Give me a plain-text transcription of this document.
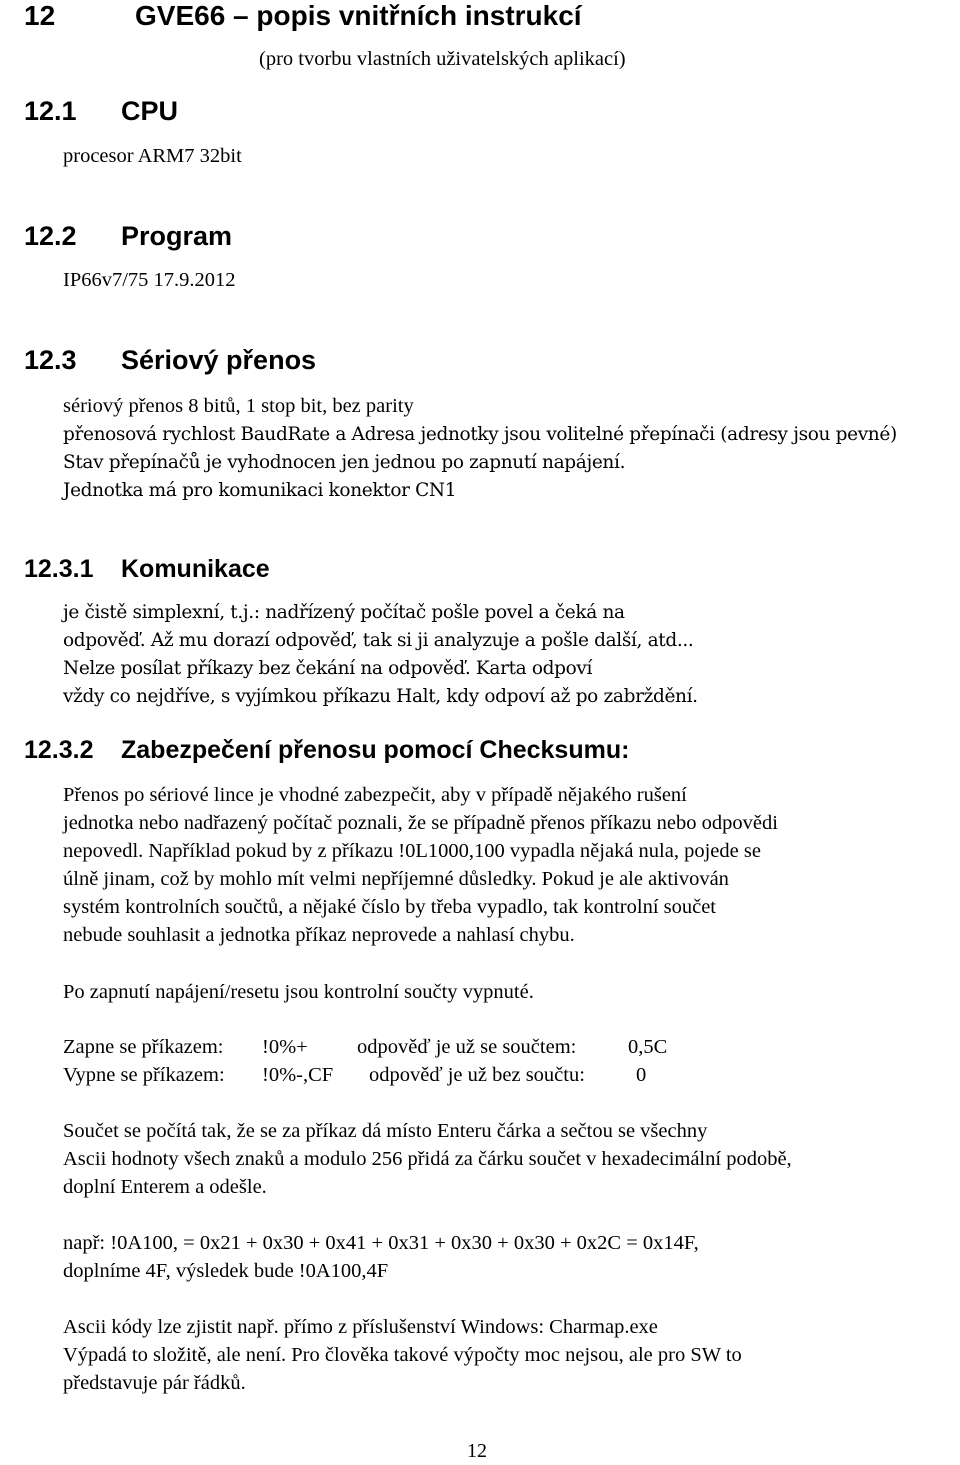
12	GVE66 – popis vnitřních instrukcí
(pro tvorbu vlastních uživatelských aplikací)
12.1 CPU
procesor ARM7 32bit
12.2 Program
IP66v7/75 17.9.2012
12.3 Sériový přenos
sériový přenos 8 bitů, 1 stop bit, bez parity
přenosová rychlost BaudRate a Adresa jednotky jsou volitelné přepínači (adresy jsou pevné)
Stav přepínačů je vyhodnocen jen jednou po zapnutí napájení.
Jednotka má pro komunikaci konektor CN1
12.3.1 Komunikace
je čistě simplexní, t.j.: nadřízený počítač pošle povel a čeká na
odpověď. Až mu dorazí odpověď, tak si ji analyzuje a pošle další, atd...
Nelze posílat příkazy bez čekání na odpověď. Karta odpoví
vždy co nejdříve, s vyjímkou příkazu Halt, kdy odpoví až po zabrždění.
12.3.2 Zabezpečení přenosu pomocí Checksumu:
Přenos po sériové lince je vhodné zabezpečit, aby v případě nějakého rušení
jednotka nebo nadřazený počítač poznali, že se případně přenos příkazu nebo odpovědi
nepovedl. Například pokud by z příkazu !0L1000,100 vypadla nějaká nula, pojede se
úlně jinam, což by mohlo mít velmi nepříjemné důsledky. Pokud je ale aktivován
systém kontrolních součtů, a nějaké číslo by třeba vypadlo, tak kontrolní součet
nebude souhlasit a jednotka příkaz neprovede a nahlasí chybu.
Po zapnutí napájení/resetu jsou kontrolní součty vypnuté.
Zapne se příkazem: !0%+ odpověď je už se součtem:	0,5C
Vypne se příkazem: !0%-,CF odpověď je už bez součtu: 0
Součet se počítá tak, že se za příkaz dá místo Enteru čárka a sečtou se všechny
Ascii hodnoty všech znaků a modulo 256 přidá za čárku součet v hexadecimální podobě,
doplní Enterem a odešle.
např: !0A100, = 0x21 + 0x30 + 0x41 + 0x31 + 0x30 + 0x30 + 0x2C = 0x14F,
doplníme 4F, výsledek bude !0A100,4F
Ascii kódy lze zjistit např. přímo z příslušenství Windows: Charmap.exe
Výpadá to složitě, ale není. Pro člověka takové výpočty moc nejsou, ale pro SW to
představuje pár řádků.
12
